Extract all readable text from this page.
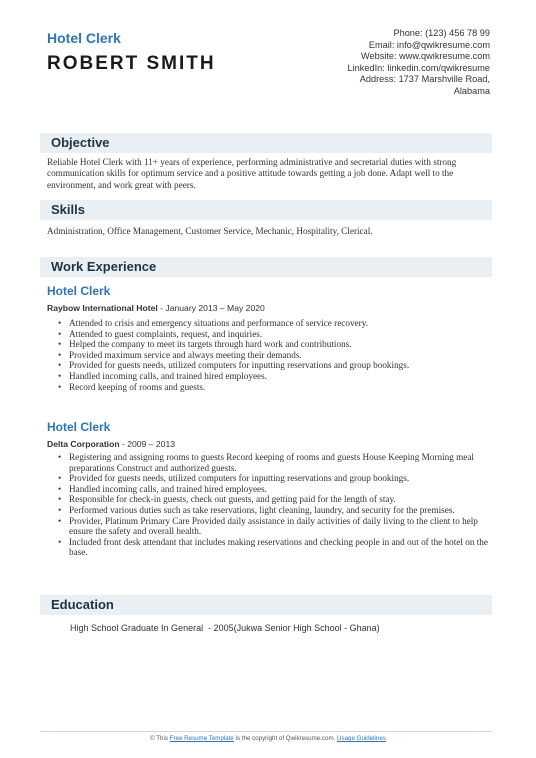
Hotel Clerk
ROBERT SMITH
Phone: (123) 456 78 99
Email: info@qwikresume.com
Website: www.qwikresume.com
LinkedIn: linkedin.com/qwikresume
Address: 1737 Marshville Road,
Alabama
Objective
Reliable Hotel Clerk with 11+ years of experience, performing administrative and secretarial duties with strong communication skills for optimum service and a positive attitude towards getting a job done. Adapt well to the environment, and work great with peers.
Skills
Administration, Office Management, Customer Service, Mechanic, Hospitality, Clerical.
Work Experience
Hotel Clerk
Raybow International Hotel - January 2013 – May 2020
• Attended to crisis and emergency situations and performance of service recovery.
• Attended to guest complaints, request, and inquiries.
• Helped the company to meet its targets through hard work and contributions.
• Provided maximum service and always meeting their demands.
• Provided for guests needs, utilized computers for inputting reservations and group bookings.
• Handled incoming calls, and trained hired employees.
• Record keeping of rooms and guests.
Hotel Clerk
Delta Corporation - 2009 – 2013
• Registering and assigning rooms to guests Record keeping of rooms and guests House Keeping Morning meal preparations Construct and authorized guests.
• Provided for guests needs, utilized computers for inputting reservations and group bookings.
• Handled incoming calls, and trained hired employees.
• Responsible for check-in guests, check out guests, and getting paid for the length of stay.
• Performed various duties such as take reservations, light cleaning, laundry, and security for the premises.
• Provider, Platinum Primary Care Provided daily assistance in daily activities of daily living to the client to help ensure the safety and overall health.
• Included front desk attendant that includes making reservations and checking people in and out of the hotel on the base.
Education
High School Graduate In General  - 2005(Jukwa Senior High School - Ghana)
© This Free Resume Template is the copyright of Qwikresume.com. Usage Guidelines
